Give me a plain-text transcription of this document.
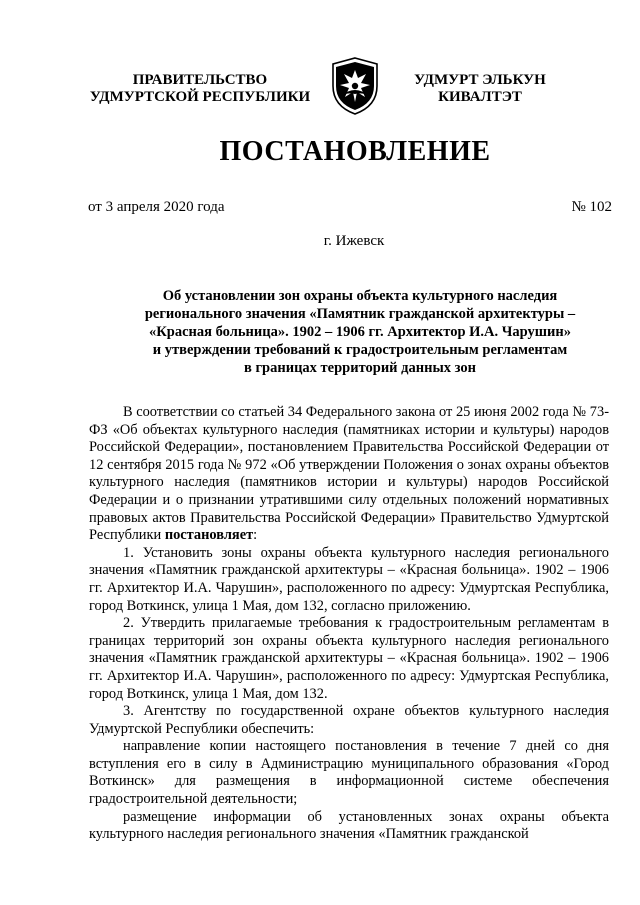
ПРАВИТЕЛЬСТВО
УДМУРТСКОЙ РЕСПУБЛИКИ
УДМУРТ ЭЛЬКУН
КИВАЛТЭТ
ПОСТАНОВЛЕНИЕ
от 3 апреля 2020 года	№ 102
г. Ижевск
Об установлении зон охраны объекта культурного наследия
регионального значения «Памятник гражданской архитектуры –
«Красная больница». 1902 – 1906 гг. Архитектор И.А. Чарушин»
и утверждении требований к градостроительным регламентам
в границах территорий данных зон

В соответствии со статьей 34 Федерального закона от 25 июня 2002 года № 73-ФЗ «Об объектах культурного наследия (памятниках истории и культуры) народов Российской Федерации», постановлением Правительства Российской Федерации от 12 сентября 2015 года № 972 «Об утверждении Положения о зонах охраны объектов культурного наследия (памятников истории и культуры) народов Российской Федерации и о признании утратившими силу отдельных положений нормативных правовых актов Правительства Российской Федерации» Правительство Удмуртской Республики постановляет:

1. Установить зоны охраны объекта культурного наследия регионального значения «Памятник гражданской архитектуры – «Красная больница». 1902 – 1906 гг. Архитектор И.А. Чарушин», расположенного по адресу: Удмуртская Республика, город Воткинск, улица 1 Мая, дом 132, согласно приложению.

2. Утвердить прилагаемые требования к градостроительным регламентам в границах территорий зон охраны объекта культурного наследия регионального значения «Памятник гражданской архитектуры – «Красная больница». 1902 – 1906 гг. Архитектор И.А. Чарушин», расположенного по адресу: Удмуртская Республика, город Воткинск, улица 1 Мая, дом 132.

3. Агентству по государственной охране объектов культурного наследия Удмуртской Республики обеспечить:

направление копии настоящего постановления в течение 7 дней со дня вступления его в силу в Администрацию муниципального образования «Город Воткинск» для размещения в информационной системе обеспечения градостроительной деятельности;

размещение информации об установленных зонах охраны объекта культурного наследия регионального значения «Памятник гражданской
